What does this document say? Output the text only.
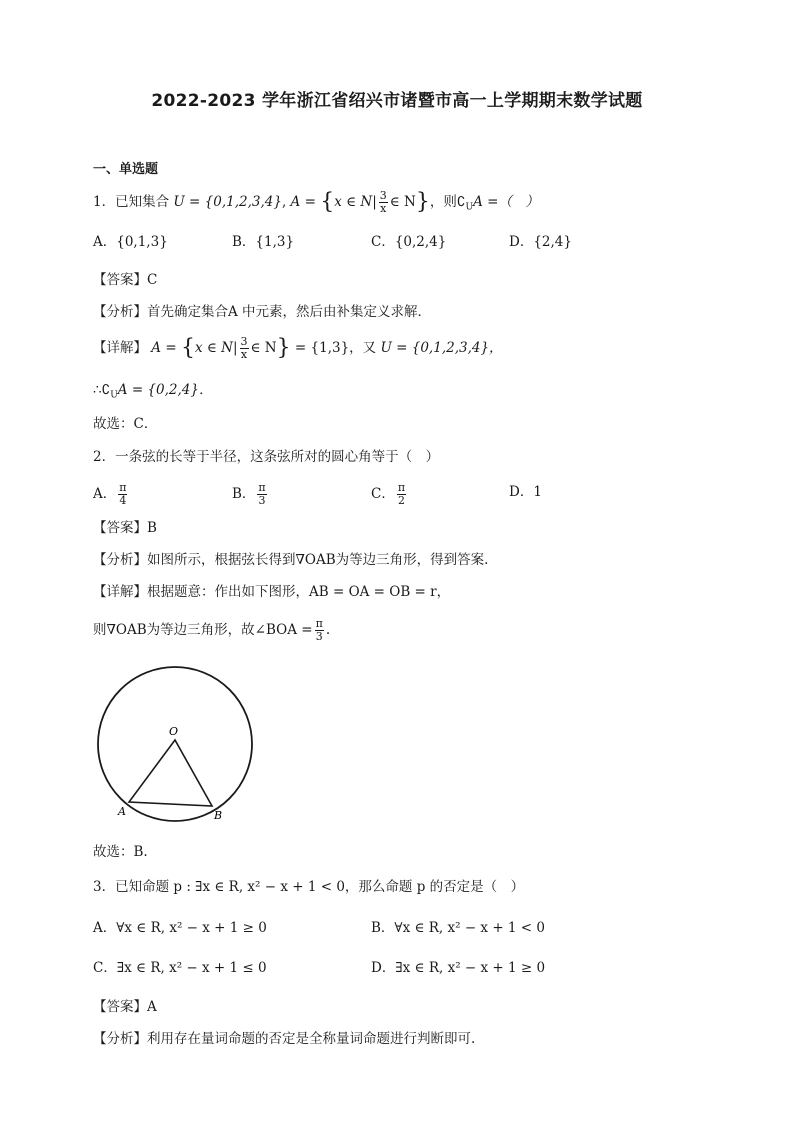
2022-2023 学年浙江省绍兴市诸暨市高一上学期期末数学试题
一、单选题
1．已知集合 U = {0,1,2,3,4}, A = {x ∈ $N| \frac{3}{x}$ ∈ N}，则$∁_UA$ =（　）
A．{0,1,3}	B．{1,3}	C．{0,2,4}	D．{2,4}
【答案】C
【分析】首先确定集合A 中元素，然后由补集定义求解．
【详解】 A = {x ∈ $N| \frac{3}{x}$ ∈ N} = {1,3}，又 U = {0,1,2,3,4}，
$\therefore∁_UA = \{0,2,4\}$．
故选：C．
2．一条弦的长等于半径，这条弦所对的圆心角等于（　）
A． $\frac{\pi}{4}$	B． $\frac{\pi}{3}$	C． $\frac{\pi}{2}$	D．1
【答案】B
【分析】如图所示，根据弦长得到∇OAB为等边三角形，得到答案.
【详解】根据题意：作出如下图形，AB = OA = OB = r，
则∇OAB为等边三角形，故∠BOA = $\frac{\pi}{3}$ .
O
A	B
故选：B.
3．已知命题 p : ∃x ∈ R, x² − x + 1 < 0，那么命题 p 的否定是（　）
A．∀x ∈ R, x² − x + 1 ≥ 0	B．∀x ∈ R, x² − x + 1 < 0
C．∃x ∈ R, x² − x + 1 ≤ 0	D．∃x ∈ R, x² − x + 1 ≥ 0
【答案】A
【分析】利用存在量词命题的否定是全称量词命题进行判断即可.
